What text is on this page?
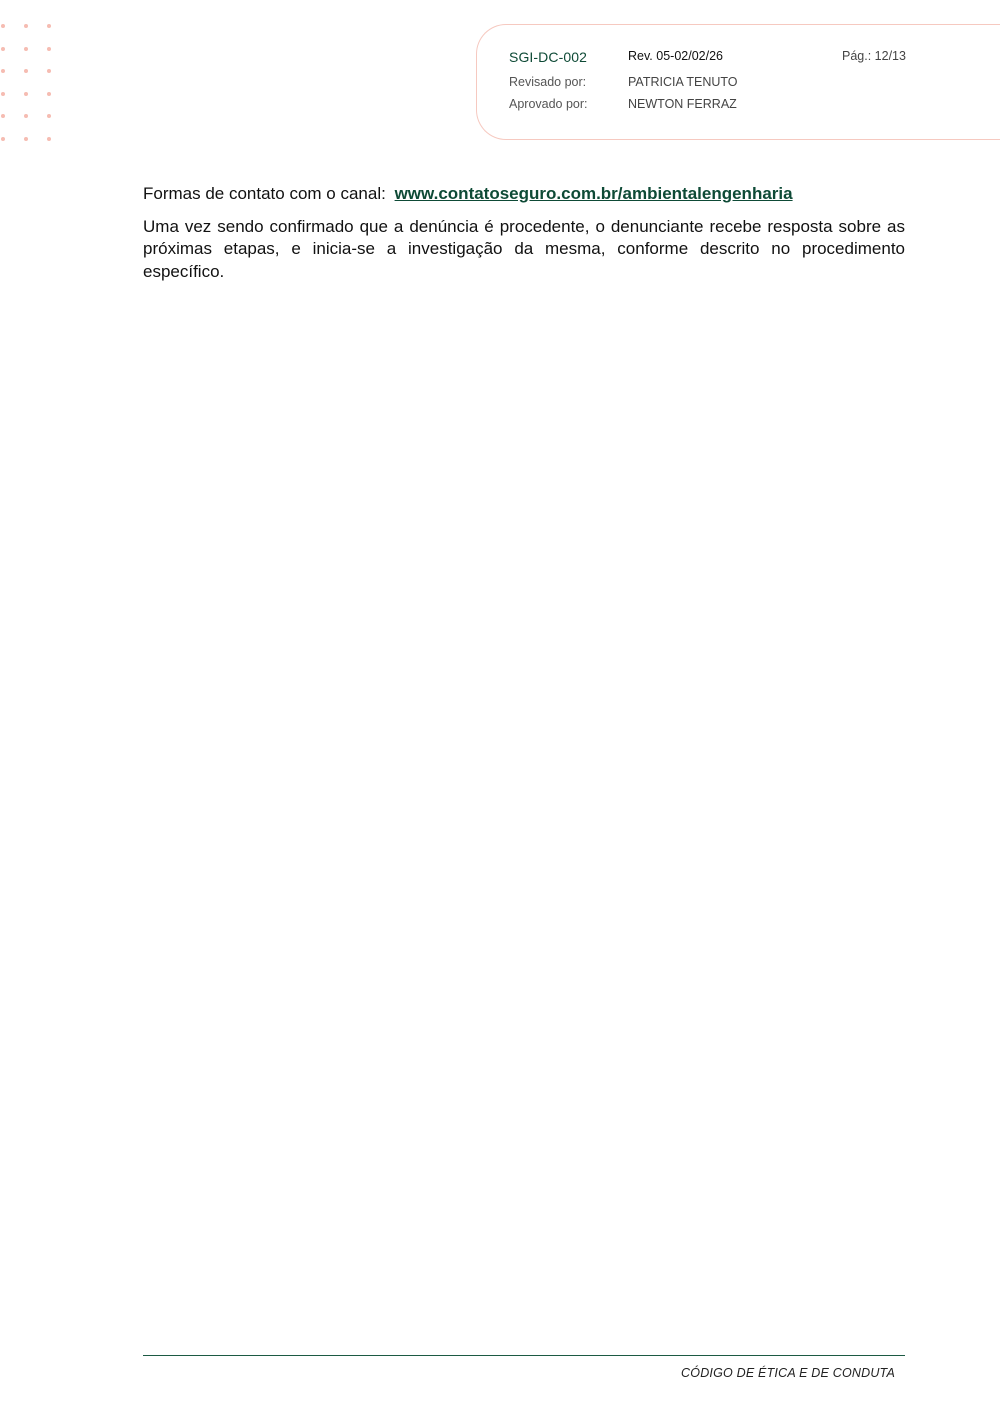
SGI-DC-002	Rev. 05-02/02/26	Pág.: 12/13
Revisado por:	PATRICIA TENUTO
Aprovado por:	NEWTON FERRAZ

Formas de contato com o canal: www.contatoseguro.com.br/ambientalengenharia

Uma vez sendo confirmado que a denúncia é procedente, o denunciante recebe resposta sobre as próximas etapas, e inicia-se a investigação da mesma, conforme descrito no procedimento específico.

CÓDIGO DE ÉTICA E DE CONDUTA
